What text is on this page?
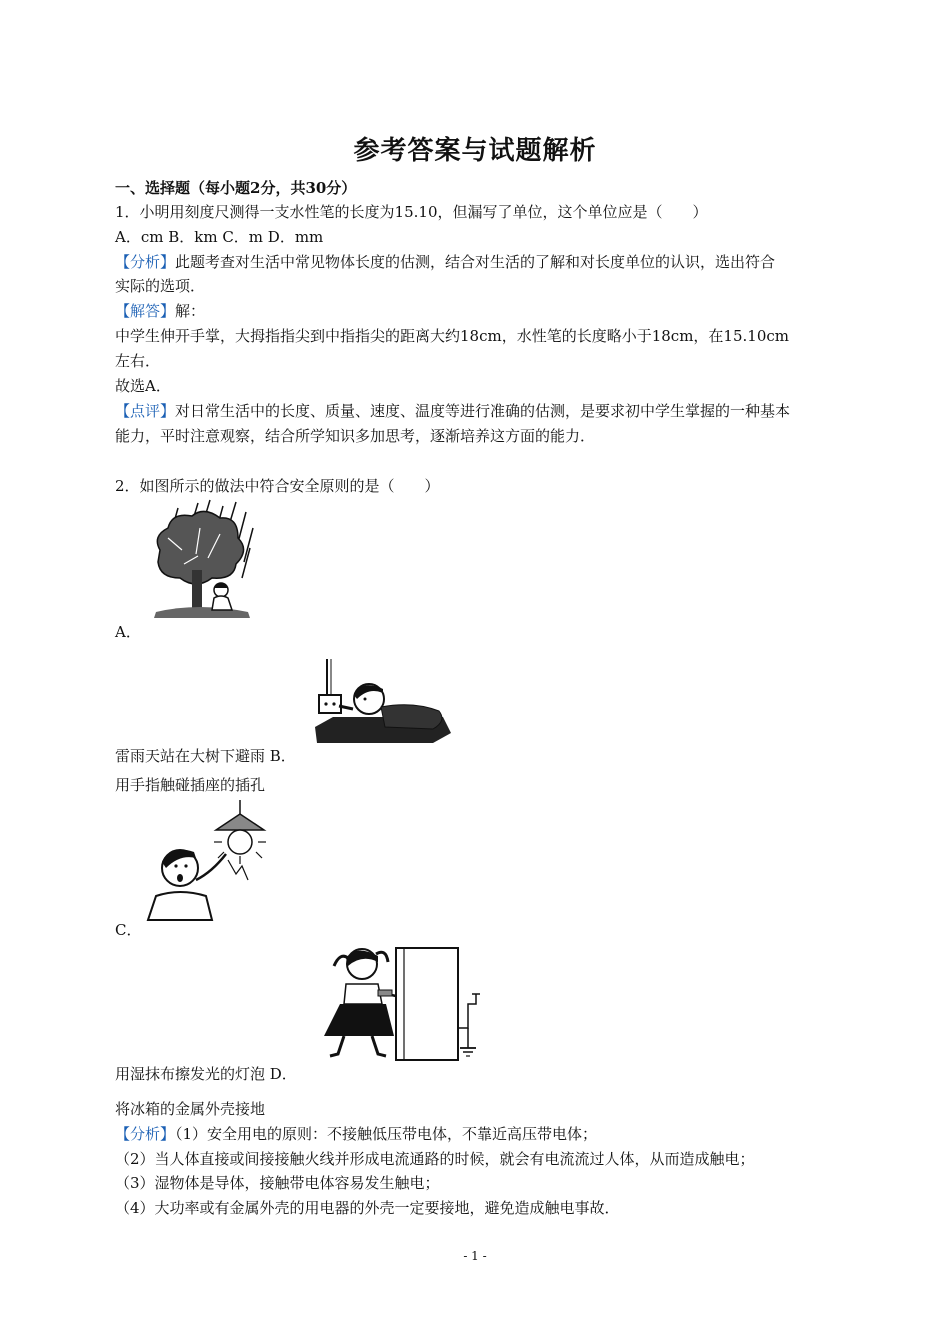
参考答案与试题解析
一、选择题（每小题2分，共30分）
1．小明用刻度尺测得一支水性笔的长度为15.10，但漏写了单位，这个单位应是（　　）
A．cm B．km C．m D．mm
【分析】此题考查对生活中常见物体长度的估测，结合对生活的了解和对长度单位的认识，选出符合
实际的选项．
【解答】解：
中学生伸开手掌，大拇指指尖到中指指尖的距离大约18cm，水性笔的长度略小于18cm，在15.10cm
左右．
故选A．
【点评】对日常生活中的长度、质量、速度、温度等进行准确的估测，是要求初中学生掌握的一种基本
能力，平时注意观察，结合所学知识多加思考，逐渐培养这方面的能力．
2．如图所示的做法中符合安全原则的是（　　）
A．
雷雨天站在大树下避雨 B．
用手指触碰插座的插孔
C．
用湿抹布擦发光的灯泡 D．
将冰箱的金属外壳接地
【分析】（1）安全用电的原则：不接触低压带电体，不靠近高压带电体；
（2）当人体直接或间接接触火线并形成电流通路的时候，就会有电流流过人体，从而造成触电；
（3）湿物体是导体，接触带电体容易发生触电；
（4）大功率或有金属外壳的用电器的外壳一定要接地，避免造成触电事故．
- 1 -
